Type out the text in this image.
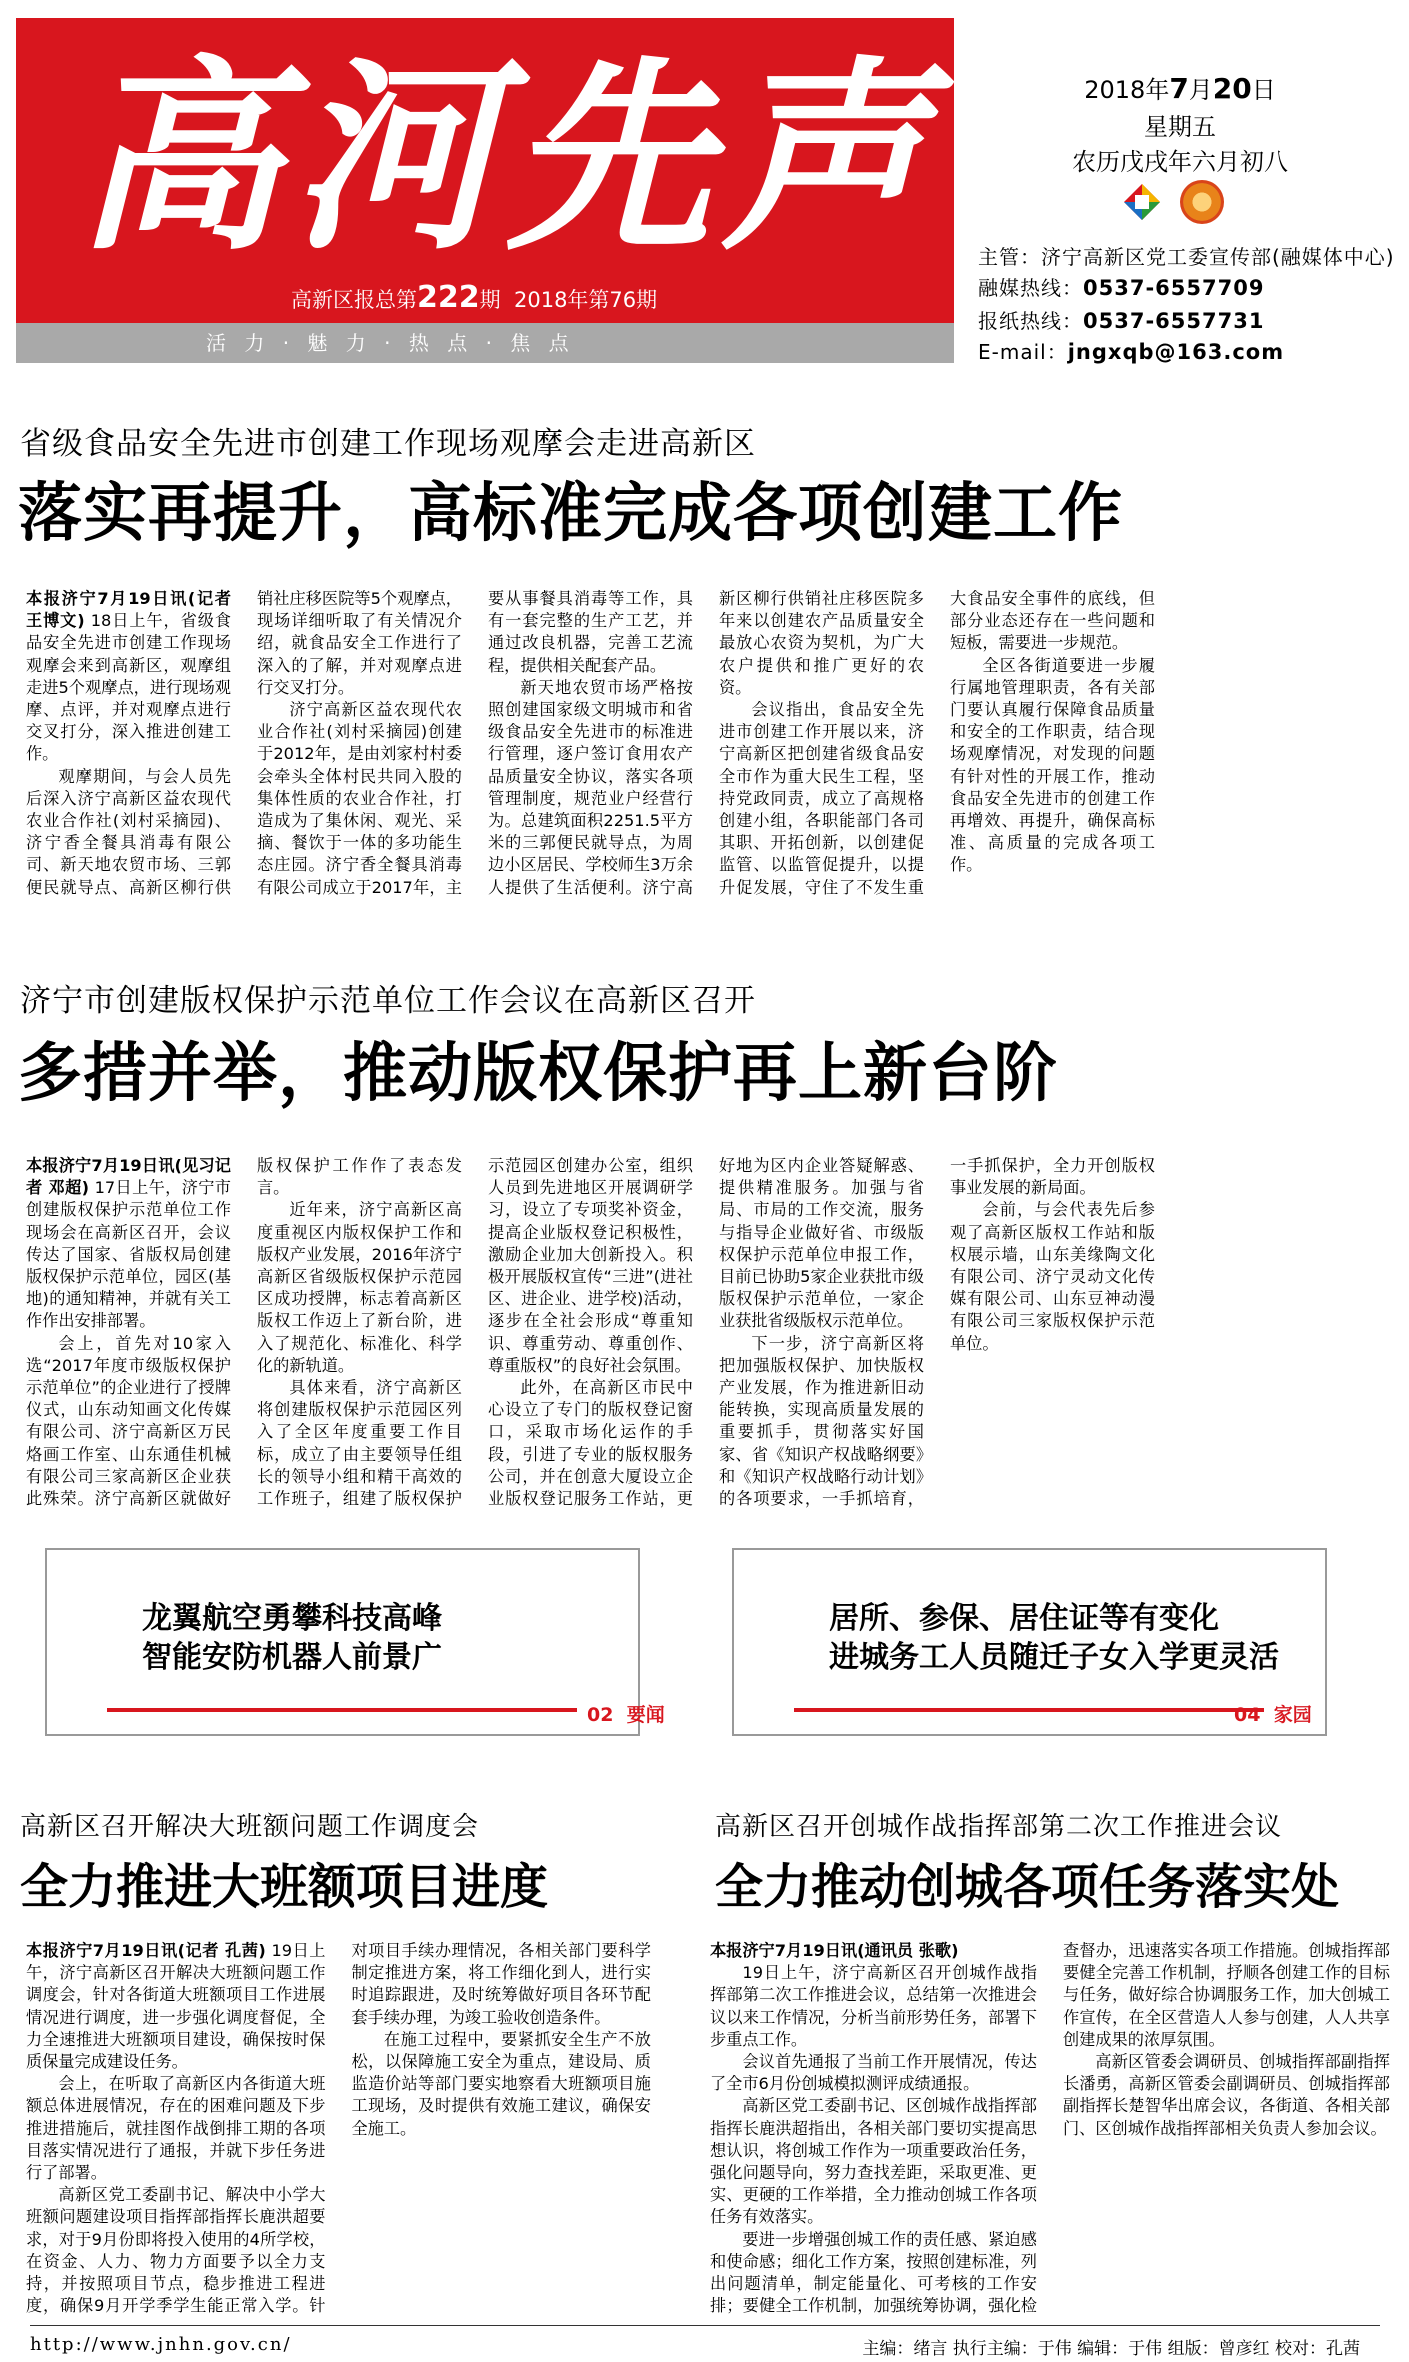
高河先声
高新区报总第222期 2018年第76期
活 力 · 魅 力 · 热 点 · 焦 点
2018年7月20日
星期五
农历戊戌年六月初八
主管：济宁高新区党工委宣传部(融媒体中心)
融媒热线：0537-6557709
报纸热线：0537-6557731
E-mail：jngxqb@163.com
省级食品安全先进市创建工作现场观摩会走进高新区
落实再提升，高标准完成各项创建工作

本报济宁7月19日讯(记者 王博文) 18日上午，省级食品安全先进市创建工作现场观摩会来到高新区，观摩组走进5个观摩点，进行现场观摩、点评，并对观摩点进行交叉打分，深入推进创建工作。

观摩期间，与会人员先后深入济宁高新区益农现代农业合作社(刘村采摘园)、济宁香全餐具消毒有限公司、新天地农贸市场、三郭便民就导点、高新区柳行供销社庄移医院等5个观摩点，现场详细听取了有关情况介绍，就食品安全工作进行了深入的了解，并对观摩点进行交叉打分。

济宁高新区益农现代农业合作社(刘村采摘园)创建于2012年，是由刘家村村委会牵头全体村民共同入股的集体性质的农业合作社，打造成为了集休闲、观光、采摘、餐饮于一体的多功能生态庄园。济宁香全餐具消毒有限公司成立于2017年，主要从事餐具消毒等工作，具有一套完整的生产工艺，并通过改良机器，完善工艺流程，提供相关配套产品。

新天地农贸市场严格按照创建国家级文明城市和省级食品安全先进市的标准进行管理，逐户签订食用农产品质量安全协议，落实各项管理制度，规范业户经营行为。总建筑面积2251.5平方米的三郭便民就导点，为周边小区居民、学校师生3万余人提供了生活便利。济宁高新区柳行供销社庄移医院多年来以创建农产品质量安全最放心农资为契机，为广大农户提供和推广更好的农资。

会议指出，食品安全先进市创建工作开展以来，济宁高新区把创建省级食品安全市作为重大民生工程，坚持党政同责，成立了高规格创建小组，各职能部门各司其职、开拓创新，以创建促监管、以监管促提升，以提升促发展，守住了不发生重大食品安全事件的底线，但部分业态还存在一些问题和短板，需要进一步规范。

全区各街道要进一步履行属地管理职责，各有关部门要认真履行保障食品质量和安全的工作职责，结合现场观摩情况，对发现的问题有针对性的开展工作，推动食品安全先进市的创建工作再增效、再提升，确保高标准、高质量的完成各项工作。

济宁市创建版权保护示范单位工作会议在高新区召开
多措并举，推动版权保护再上新台阶

本报济宁7月19日讯(见习记者 邓超) 17日上午，济宁市创建版权保护示范单位工作现场会在高新区召开，会议传达了国家、省版权局创建版权保护示范单位，园区(基地)的通知精神，并就有关工作作出安排部署。

会上，首先对10家入选“2017年度市级版权保护示范单位”的企业进行了授牌仪式，山东动知画文化传媒有限公司、济宁高新区万民烙画工作室、山东通佳机械有限公司三家高新区企业获此殊荣。济宁高新区就做好版权保护工作作了表态发言。

近年来，济宁高新区高度重视区内版权保护工作和版权产业发展，2016年济宁高新区省级版权保护示范园区成功授牌，标志着高新区版权工作迈上了新台阶，进入了规范化、标准化、科学化的新轨道。

具体来看，济宁高新区将创建版权保护示范园区列入了全区年度重要工作目标，成立了由主要领导任组长的领导小组和精干高效的工作班子，组建了版权保护示范园区创建办公室，组织人员到先进地区开展调研学习，设立了专项奖补资金，提高企业版权登记积极性，激励企业加大创新投入。积极开展版权宣传“三进”(进社区、进企业、进学校)活动，逐步在全社会形成“尊重知识、尊重劳动、尊重创作、尊重版权”的良好社会氛围。

此外，在高新区市民中心设立了专门的版权登记窗口，采取市场化运作的手段，引进了专业的版权服务公司，并在创意大厦设立企业版权登记服务工作站，更好地为区内企业答疑解惑、提供精准服务。加强与省局、市局的工作交流，服务与指导企业做好省、市级版权保护示范单位申报工作，目前已协助5家企业获批市级版权保护示范单位，一家企业获批省级版权示范单位。

下一步，济宁高新区将把加强版权保护、加快版权产业发展，作为推进新旧动能转换，实现高质量发展的重要抓手，贯彻落实好国家、省《知识产权战略纲要》和《知识产权战略行动计划》的各项要求，一手抓培育，一手抓保护，全力开创版权事业发展的新局面。

会前，与会代表先后参观了高新区版权工作站和版权展示墙，山东美缘陶文化有限公司、济宁灵动文化传媒有限公司、山东豆神动漫有限公司三家版权保护示范单位。

龙翼航空勇攀科技高峰
智能安防机器人前景广
02 要闻
居所、参保、居住证等有变化
进城务工人员随迁子女入学更灵活
04 家园
高新区召开解决大班额问题工作调度会
全力推进大班额项目进度

本报济宁7月19日讯(记者 孔茜) 19日上午，济宁高新区召开解决大班额问题工作调度会，针对各街道大班额项目工作进展情况进行调度，进一步强化调度督促，全力全速推进大班额项目建设，确保按时保质保量完成建设任务。

会上，在听取了高新区内各街道大班额总体进展情况，存在的困难问题及下步推进措施后，就挂图作战倒排工期的各项目落实情况进行了通报，并就下步任务进行了部署。

高新区党工委副书记、解决中小学大班额问题建设项目指挥部指挥长鹿洪超要求，对于9月份即将投入使用的4所学校，在资金、人力、物力方面要予以全力支持，并按照项目节点，稳步推进工程进度，确保9月开学季学生能正常入学。针对项目手续办理情况，各相关部门要科学制定推进方案，将工作细化到人，进行实时追踪跟进，及时统筹做好项目各环节配套手续办理，为竣工验收创造条件。

在施工过程中，要紧抓安全生产不放松，以保障施工安全为重点，建设局、质监造价站等部门要实地察看大班额项目施工现场，及时提供有效施工建议，确保安全施工。

高新区召开创城作战指挥部第二次工作推进会议
全力推动创城各项任务落实处

本报济宁7月19日讯(通讯员 张歌)

19日上午，济宁高新区召开创城作战指挥部第二次工作推进会议，总结第一次推进会议以来工作情况，分析当前形势任务，部署下步重点工作。

会议首先通报了当前工作开展情况，传达了全市6月份创城模拟测评成绩通报。

高新区党工委副书记、区创城作战指挥部指挥长鹿洪超指出，各相关部门要切实提高思想认识，将创城工作作为一项重要政治任务，强化问题导向，努力查找差距，采取更准、更实、更硬的工作举措，全力推动创城工作各项任务有效落实。

要进一步增强创城工作的责任感、紧迫感和使命感；细化工作方案，按照创建标准，列出问题清单，制定能量化、可考核的工作安排；要健全工作机制，加强统筹协调，强化检查督办，迅速落实各项工作措施。创城指挥部要健全完善工作机制，抒顺各创建工作的目标与任务，做好综合协调服务工作，加大创城工作宣传，在全区营造人人参与创建，人人共享创建成果的浓厚氛围。

高新区管委会调研员、创城指挥部副指挥长潘勇，高新区管委会副调研员、创城指挥部副指挥长楚智华出席会议，各街道、各相关部门、区创城作战指挥部相关负责人参加会议。

http://www.jnhn.gov.cn/	主编：绪言 执行主编：于伟 编辑：于伟 组版：曾彦红 校对：孔茜
